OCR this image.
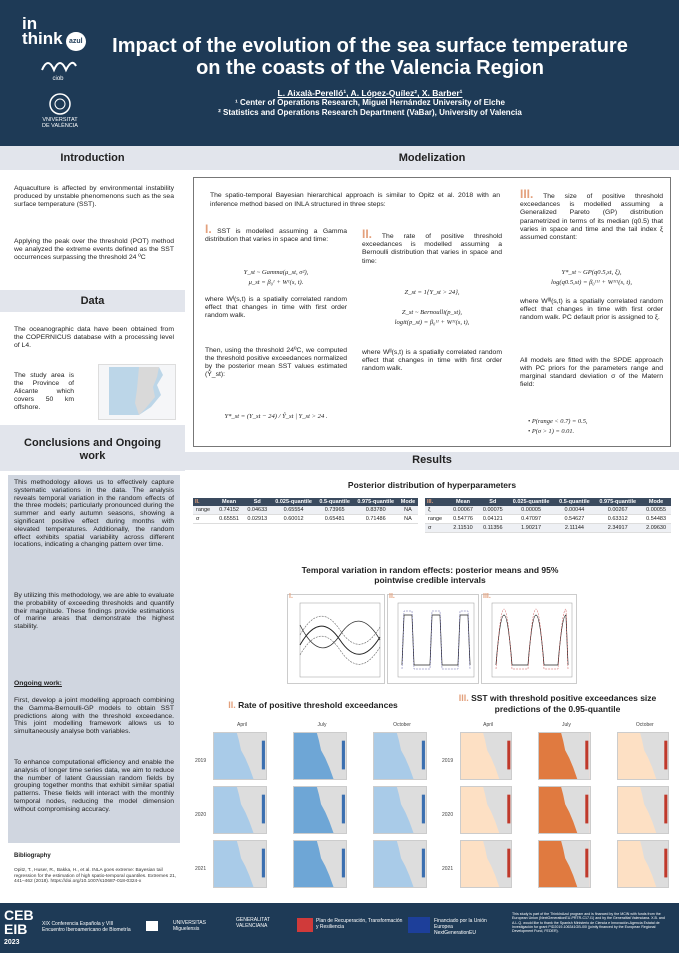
in
think azul
ciob
VNIVERSITAT DE VALÈNCIA
Impact of the evolution of the sea surface temperature on the coasts of the Valencia Region
L. Aixalà-Perelló¹, A. López-Quílez², X. Barber¹
¹ Center of Operations Research, Miguel Hernández University of Elche
² Statistics and Operations Research Department (VaBar), University of Valencia
Introduction
Aquaculture is affected by environmental instability produced by unstable phenomenons such as the sea surface temperature (SST).
Applying the peak over the threshold (POT) method we analyzed the extreme events defined as the SST occurrences surpassing the threshold 24 ºC
Data
The oceanographic data have been obtained from the COPERNICUS database with a processing level of L4.
The study area is the Province of Alicante which covers 50 km offshore.
Conclusions and Ongoing work
This methodology allows us to effectively capture systematic variations in the data. The analysis reveals temporal variation in the random effects of the three models; particularly pronounced during the summer and early autumn seasons, showing a significant positive effect during months with elevated temperatures. Additionally, the random effect exhibits spatial variability across different locations, indicating a changing pattern over time.
By utilizing this methodology, we are able to evaluate the probability of exceeding thresholds and quantify their magnitude. These findings provide estimations of marine areas that demonstrate the highest stability.
Ongoing work:
First, develop a joint modelling approach combining the Gamma-Bernoulli-GP models to obtain SST predictions along with the threshold exceedance. This joint modelling framework allows us to simultaneously analyse both variables.
To enhance computational efficiency and enable the analysis of longer time series data, we aim to reduce the number of latent Gaussian random fields by grouping together months that exhibit similar spatial patterns. These fields will interact with the monthly temporal nodes, reducing the model dimension without compromising accuracy.
Bibliography
Opitz, T., Huser, R., Bakka, H., et al. INLA goes extreme: Bayesian tail regression for the estimation of high spatio-temporal quantiles. Extremes 21, 441–462 (2018). https://doi.org/10.1007/s10687-018-0324-x
Modelization
The spatio-temporal Bayesian hierarchical approach is similar to Opitz et al. 2018 with an inference method based on INLA structured in three steps:
I. SST is modelled assuming a Gamma distribution that varies in space and time:
Y_st ~ Gamma(μ_st, σ²),
μ_st = β₀ᴵ + Wᴵ(s, t).
where Wᴵ(s,t) is a spatially correlated random effect that changes in time with first order random walk.
Then, using the threshold 24ºC, we computed the threshold positive exceedances normalized by the posterior mean SST values estimated (Ŷ_st):
Y*_st = (Y_st − 24) / Ŷ_st | Y_st > 24 .
II. The rate of positive threshold exceedances is modelled assuming a Bernoulli distribution that varies in space and time:
Z_st = 1{Y_st > 24},
Z_st ~ Bernoulli(p_st),
logit(p_st) = β₀ᴵᴵ + Wᴵᴵ(s, t),
where Wᴵᴵ(s,t) is a spatially correlated random effect that changes in time with first order random walk.
III. The size of positive threshold exceedances is modelled assuming a Generalized Pareto (GP) distribution parametrized in terms of its median (q0.5) that varies in space and time and the tail index ξ assumed constant:
Y*_st ~ GP(q0.5,st, ξ),
log(q0.5,st) = β₀ᴵᴵᴵ + Wᴵᴵᴵ(s, t),
where Wᴵᴵᴵ(s,t) is a spatially correlated random effect that changes in time with first order random walk. PC default prior is assigned to ξ.
All models are fitted with the SPDE approach with PC priors for the parameters range and marginal standard deviation σ of the Matern field:
• P(range < 0.7) = 0.5,
• P(σ > 1) = 0.01.
Results
Posterior distribution of hyperparameters
II.	Mean	Sd	0.025-quantile	0.5-quantile	0.975-quantile	Mode
range	0.74152	0.04633	0.65554	0.73965	0.83780	NA
σ	0.65551	0.02913	0.60012	0.65481	0.71486	NA
III.	Mean	Sd	0.025-quantile	0.5-quantile	0.975-quantile	Mode
ξ	0.00067	0.00075	0.00005	0.00044	0.00267	0.00055
range	0.54776	0.04121	0.47097	0.54627	0.63312	0.54483
σ	2.11510	0.11356	1.90217	2.11144	2.34917	2.09630
Temporal variation in random effects: posterior means and 95% pointwise credible intervals
I.	II.	III.
II. Rate of positive threshold exceedances
April	July	October
2019
2020
2021
III. SST with threshold positive exceedances size predictions of the 0.95-quantile
April	July	October
2019
2020
2021
CEB EIB
2023
XIX Conferencia Española y VIII Encuentro Iberoamericano de Biometría
UNIVERSITAS Miguelensis
GENERALITAT VALENCIANA
Plan de Recuperación, Transformación y Resiliencia
Financiado por la Unión Europea NextGenerationEU
This study is part of the ThinkInAzul program and is financed by the MCIN with funds from the European Union (NextGenerationEU-PRTR-C17.I1) and by the Generalitat Valenciana. X.B. and A.L.Q. would like to thank the Spanish Ministerio de Ciencia e Innovación-Agencia Estatal de Investigación for grant PID2019-106341GB-I00 (jointly financed by the European Regional Development Fund, FEDER).
